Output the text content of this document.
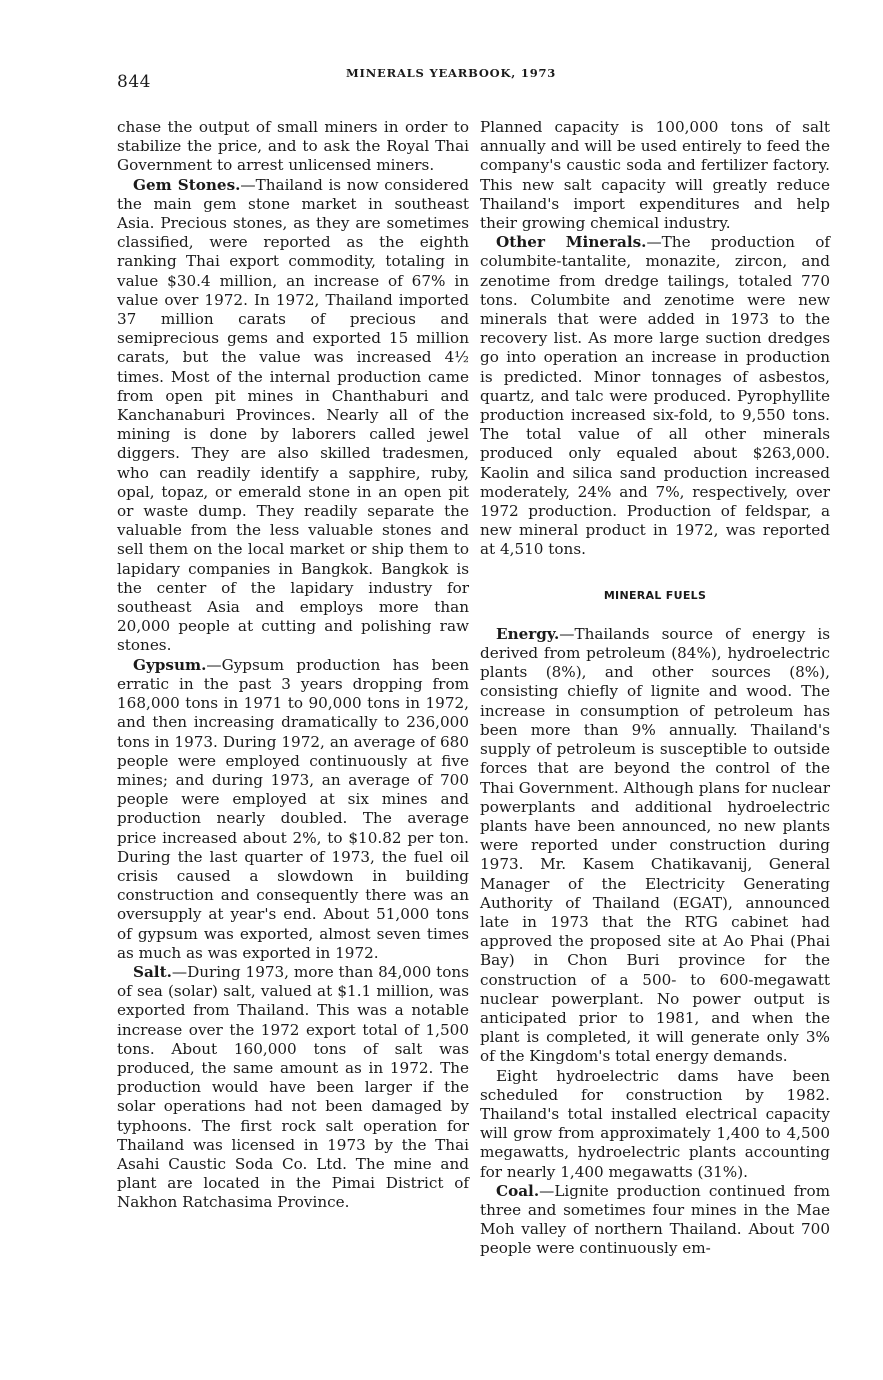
844	MINERALS YEARBOOK, 1973

chase the output of small miners in order to stabilize the price, and to ask the Royal Thai Government to arrest unlicensed miners.

Gem Stones.—Thailand is now considered the main gem stone market in southeast Asia. Precious stones, as they are sometimes classified, were reported as the eighth ranking Thai export commodity, totaling in value $30.4 million, an increase of 67% in value over 1972. In 1972, Thailand imported 37 million carats of precious and semiprecious gems and exported 15 million carats, but the value was increased 4½ times. Most of the internal production came from open pit mines in Chanthaburi and Kanchanaburi Provinces. Nearly all of the mining is done by laborers called jewel diggers. They are also skilled tradesmen, who can readily identify a sapphire, ruby, opal, topaz, or emerald stone in an open pit or waste dump. They readily separate the valuable from the less valuable stones and sell them on the local market or ship them to lapidary companies in Bangkok. Bangkok is the center of the lapidary industry for southeast Asia and employs more than 20,000 people at cutting and polishing raw stones.

Gypsum.—Gypsum production has been erratic in the past 3 years dropping from 168,000 tons in 1971 to 90,000 tons in 1972, and then increasing dramatically to 236,000 tons in 1973. During 1972, an average of 680 people were employed continuously at five mines; and during 1973, an average of 700 people were employed at six mines and production nearly doubled. The average price increased about 2%, to $10.82 per ton. During the last quarter of 1973, the fuel oil crisis caused a slowdown in building construction and consequently there was an oversupply at year's end. About 51,000 tons of gypsum was exported, almost seven times as much as was exported in 1972.

Salt.—During 1973, more than 84,000 tons of sea (solar) salt, valued at $1.1 million, was exported from Thailand. This was a notable increase over the 1972 export total of 1,500 tons. About 160,000 tons of salt was produced, the same amount as in 1972. The production would have been larger if the solar operations had not been damaged by typhoons. The first rock salt operation for Thailand was licensed in 1973 by the Thai Asahi Caustic Soda Co. Ltd. The mine and plant are located in the Pimai District of Nakhon Ratchasima Province.

Planned capacity is 100,000 tons of salt annually and will be used entirely to feed the company's caustic soda and fertilizer factory. This new salt capacity will greatly reduce Thailand's import expenditures and help their growing chemical industry.

Other Minerals.—The production of columbite-tantalite, monazite, zircon, and zenotime from dredge tailings, totaled 770 tons. Columbite and zenotime were new minerals that were added in 1973 to the recovery list. As more large suction dredges go into operation an increase in production is predicted. Minor tonnages of asbestos, quartz, and talc were produced. Pyrophyllite production increased six-fold, to 9,550 tons. The total value of all other minerals produced only equaled about $263,000. Kaolin and silica sand production increased moderately, 24% and 7%, respectively, over 1972 production. Production of feldspar, a new mineral product in 1972, was reported at 4,510 tons.

MINERAL FUELS

Energy.—Thailands source of energy is derived from petroleum (84%), hydroelectric plants (8%), and other sources (8%), consisting chiefly of lignite and wood. The increase in consumption of petroleum has been more than 9% annually. Thailand's supply of petroleum is susceptible to outside forces that are beyond the control of the Thai Government. Although plans for nuclear powerplants and additional hydroelectric plants have been announced, no new plants were reported under construction during 1973. Mr. Kasem Chatikavanij, General Manager of the Electricity Generating Authority of Thailand (EGAT), announced late in 1973 that the RTG cabinet had approved the proposed site at Ao Phai (Phai Bay) in Chon Buri province for the construction of a 500- to 600-megawatt nuclear powerplant. No power output is anticipated prior to 1981, and when the plant is completed, it will generate only 3% of the Kingdom's total energy demands.

Eight hydroelectric dams have been scheduled for construction by 1982. Thailand's total installed electrical capacity will grow from approximately 1,400 to 4,500 megawatts, hydroelectric plants accounting for nearly 1,400 megawatts (31%).

Coal.—Lignite production continued from three and sometimes four mines in the Mae Moh valley of northern Thailand. About 700 people were continuously em-
